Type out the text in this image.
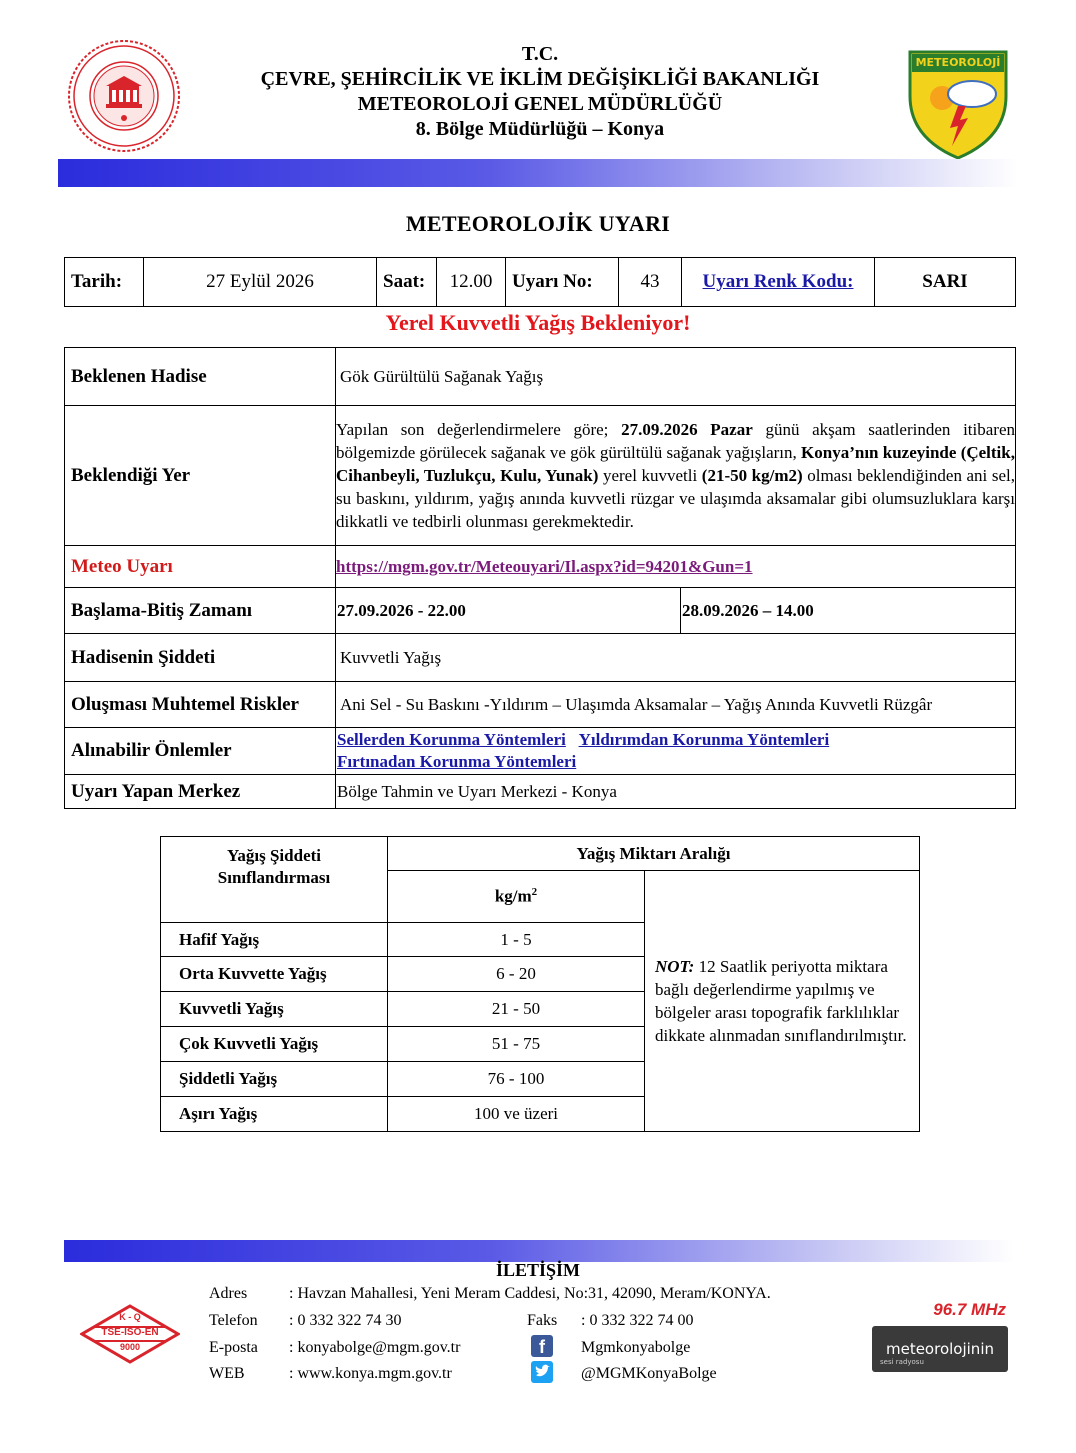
T.C.
ÇEVRE, ŞEHİRCİLİK VE İKLİM DEĞİŞİKLİĞİ BAKANLIĞI
METEOROLOJİ GENEL MÜDÜRLÜĞÜ
8. Bölge Müdürlüğü – Konya
METEOROLOJİ
METEOROLOJİK UYARI
Tarih:	27 Eylül 2026	Saat:	12.00	Uyarı No:	43	Uyarı Renk Kodu:	SARI
Yerel Kuvvetli Yağış Bekleniyor!
Beklenen Hadise	Gök Gürültülü Sağanak Yağış	
Beklendiği Yer	Yapılan son değerlendirmelere göre; 27.09.2026 Pazar günü akşam saatlerinden itibaren bölgemizde görülecek sağanak ve gök gürültülü sağanak yağışların, Konya’nın kuzeyinde (Çeltik, Cihanbeyli, Tuzlukçu, Kulu, Yunak) yerel kuvvetli (21-50 kg/m2) olması beklendiğinden ani sel, su baskını, yıldırım, yağış anında kuvvetli rüzgar ve ulaşımda aksamalar gibi olumsuzluklara karşı dikkatli ve tedbirli olunması gerekmektedir.	
Meteo Uyarı	https://mgm.gov.tr/Meteouyari/Il.aspx?id=94201&Gun=1	
Başlama-Bitiş Zamanı	27.09.2026 - 22.00	28.09.2026 – 14.00
Hadisenin Şiddeti	Kuvvetli Yağış	
Oluşması Muhtemel Riskler	Ani Sel - Su Baskını -Yıldırım – Ulaşımda Aksamalar – Yağış Anında Kuvvetli Rüzgâr	
Alınabilir Önlemler	Sellerden Korunma Yöntemleri Yıldırımdan Korunma Yöntemleri
Fırtınadan Korunma Yöntemleri	
Uyarı Yapan Merkez	Bölge Tahmin ve Uyarı Merkezi - Konya	
Yağış Şiddeti
Sınıflandırması	Yağış Miktarı Aralığı	
	$kg/m^2$	NOT: 12 Saatlik periyotta miktara bağlı değerlendirme yapılmış ve bölgeler arası topografik farklılıklar dikkate alınmadan sınıflandırılmıştır.
Hafif Yağış	1 - 5	
Orta Kuvvette Yağış	6 - 20	
Kuvvetli Yağış	21 - 50	
Çok Kuvvetli Yağış	51 - 75	
Şiddetli Yağış	76 - 100	
Aşırı Yağış	100 ve üzeri	
İLETİŞİM
K - Q
TSE-ISO-EN
9000
Adres	: Havzan Mahallesi, Yeni Meram Caddesi, No:31, 42090, Meram/KONYA.
Telefon : 0 332 322 74 30	Faks : 0 332 322 74 00
E-posta : konyabolge@mgm.gov.tr	f	Mgmkonyabolge
WEB	: www.konya.mgm.gov.tr	@MGMKonyaBolge
96.7 MHz
meteorolojinin
sesi radyosu
